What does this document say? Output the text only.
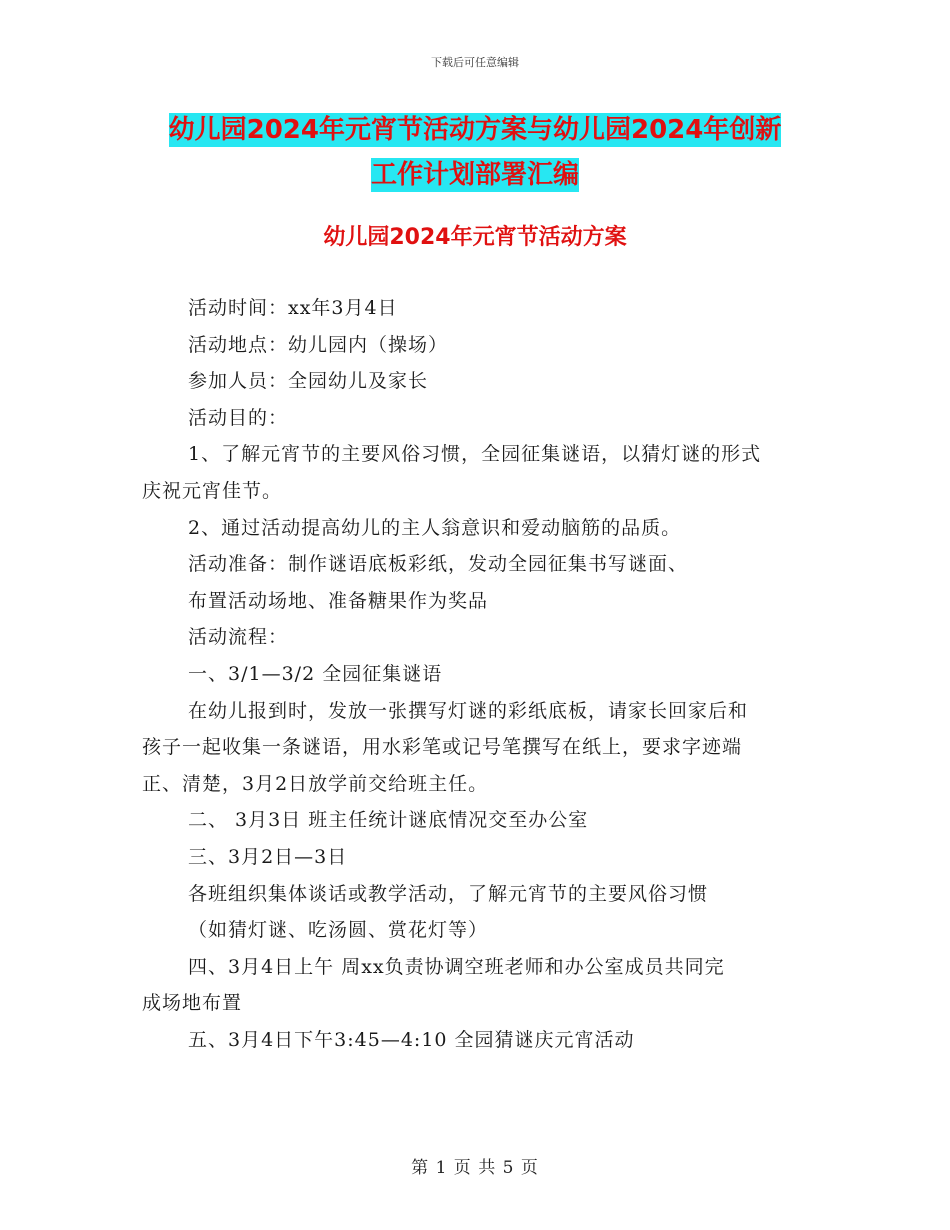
下载后可任意编辑
幼儿园2024年元宵节活动方案与幼儿园2024年创新
工作计划部署汇编
幼儿园2024年元宵节活动方案
活动时间：xx年3月4日
活动地点：幼儿园内（操场）
参加人员：全园幼儿及家长
活动目的：
1、了解元宵节的主要风俗习惯，全园征集谜语，以猜灯谜的形式
庆祝元宵佳节。
2、通过活动提高幼儿的主人翁意识和爱动脑筋的品质。
活动准备：制作谜语底板彩纸，发动全园征集书写谜面、
布置活动场地、准备糖果作为奖品
活动流程：
一、3/1—3/2 全园征集谜语
在幼儿报到时，发放一张撰写灯谜的彩纸底板，请家长回家后和
孩子一起收集一条谜语，用水彩笔或记号笔撰写在纸上，要求字迹端
正、清楚，3月2日放学前交给班主任。
二、 3月3日 班主任统计谜底情况交至办公室
三、3月2日—3日
各班组织集体谈话或教学活动，了解元宵节的主要风俗习惯
（如猜灯谜、吃汤圆、赏花灯等）
四、3月4日上午 周xx负责协调空班老师和办公室成员共同完
成场地布置
五、3月4日下午3:45—4:10 全园猜谜庆元宵活动
第 1 页 共 5 页
